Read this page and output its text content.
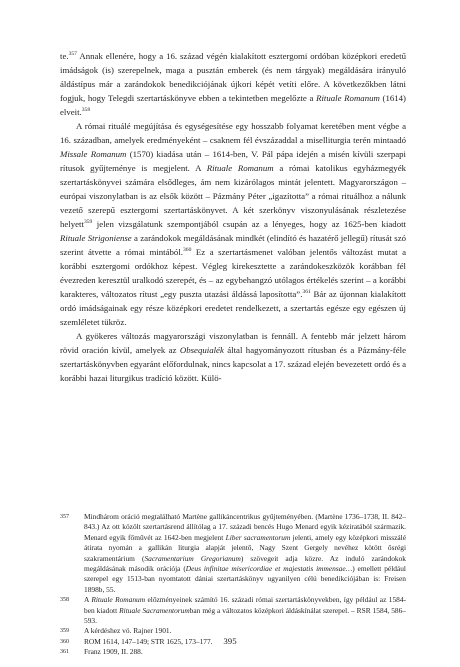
te.$^{357}$ Annak ellenére, hogy a 16. század végén kialakított esztergomi ordóban középkori eredetű imádságok (is) szerepelnek, maga a pusztán emberek (és nem tárgyak) megáldására irányuló áldástípus már a zarándokok benedikciójának újkori képét vetíti előre. A következőkben látni fogjuk, hogy Telegdi szertartáskönyve ebben a tekintetben megelőzte a Rituale Romanum (1614) elveit.$^{358}$

A római rituálé megújítása és egységesítése egy hosszabb folyamat keretében ment végbe a 16. században, amelyek eredményeként – csaknem fél évszázaddal a miselliturgia terén mintaadó Missale Romanum (1570) kiadása után – 1614-ben, V. Pál pápa idején a misén kívüli szerpapi rítusok gyűjteménye is megjelent. A Rituale Romanum a római katolikus egyházmegyék szertartáskönyvei számára elsődleges, ám nem kizárólagos mintát jelentett. Magyarországon – európai viszonylatban is az elsők között – Pázmány Péter „igazította” a római rituálhoz a nálunk vezető szerepű esztergomi szertartáskönyvet. A két szerkönyv viszonyulásának részletezése helyett$^{359}$ jelen vizsgálatunk szempontjából csupán az a lényeges, hogy az 1625-ben kiadott Rituale Strigoniense a zarándokok megáldásának mindkét (elindító és hazatérő jellegű) rítusát szó szerint átvette a római mintából.$^{360}$ Ez a szertartásmenet valóban jelentős változást mutat a korábbi esztergomi ordókhoz képest. Végleg kirekesztette a zarándokeszközök korábban fél évezreden keresztül uralkodó szerepét, és – az egybehangzó utólagos értékelés szerint – a korábbi karakteres, változatos rítust „egy puszta utazási áldássá laposította”.$^{361}$ Bár az újonnan kialakított ordó imádságainak egy része középkori eredetet rendelkezett, a szertartás egésze egy egészen új szemléletet tükröz.

A gyökeres változás magyarországi viszonylatban is fennáll. A fentebb már jelzett három rövid oración kívül, amelyek az Obsequialék által hagyományozott rítusban és a Pázmány-féle szertartáskönyvben egyaránt előfordulnak, nincs kapcsolat a 17. század elején bevezetett ordó és a korábbi hazai liturgikus tradíció között. Külö-

357	Mindhárom oráció megtalálható Martène gallikáncentrikus gyűjteményében. (Martène 1736–1738, II. 842–843.) Az ott közölt szertartásrend állítólag a 17. századi bencés Hugo Menard egyik kéziratából származik. Menard egyik főművét az 1642-ben megjelent Liber sacramentorum jelenti, amely egy középkori misszálé átirata nyomán a gallikán liturgia alapját jelentő, Nagy Szent Gergely nevéhez kötött ősrégi szakramentárium (Sacramentarium Gregorianum) szövegeit adja közre. Az induló zarándokok megáldásának második orációja (Deus infinitae misericordiae et majestatis immensae…) emellett például szerepel egy 1513-ban nyomtatott dániai szertartáskönyv ugyanilyen célú benedikciójában is: Freisen 1898b, 55.
358	A Rituale Romanum előzményeinek számító 16. századi római szertartáskönyvekben, így például az 1584-ben kiadott Rituale Sacramentorumban még a változatos középkori áldáskínálat szerepel. – RSR 1584, 586–593.
359	A kérdéshez vö. Rajner 1901.
360	ROM 1614, 147–149; STR 1625, 173–177.
361	Franz 1909, II. 288.
395
